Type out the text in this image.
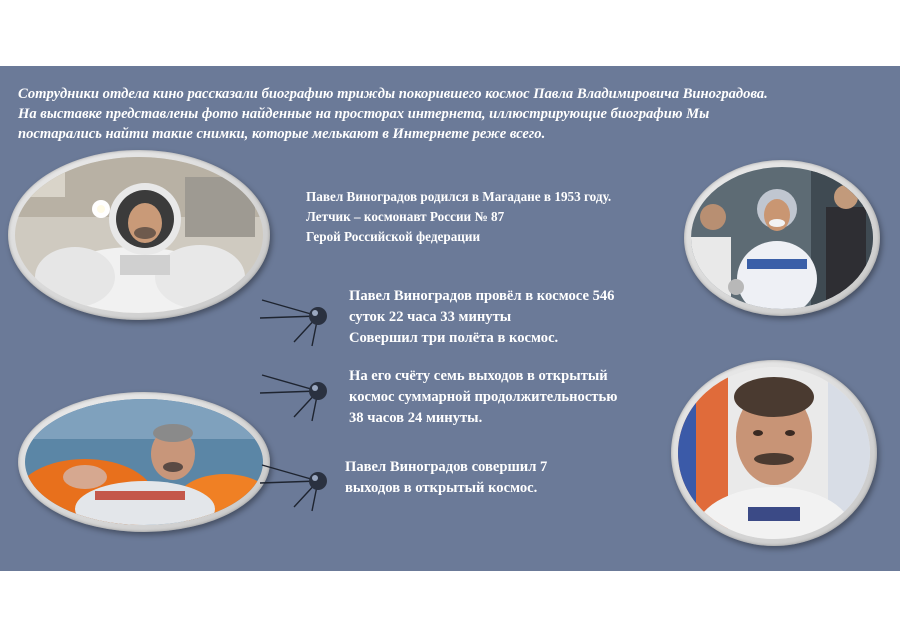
Сотрудники отдела кино рассказали биографию трижды покорившего космос Павла Владимировича Виноградова.
На выставке представлены фото найденные на просторах интернета, иллюстрирующие биографию Мы
постарались найти такие снимки, которые мелькают в Интернете реже всего.

Павел Виноградов родился в Магадане в 1953 году.
Летчик – космонавт России № 87
Герой Российской федерации

Павел Виноградов провёл в космосе 546
суток 22 часа 33 минуты
Совершил три полёта в космос.

На его счёту семь выходов в открытый
космос суммарной продолжительностью
38 часов 24 минуты.

Павел Виноградов совершил 7
выходов в открытый космос.
